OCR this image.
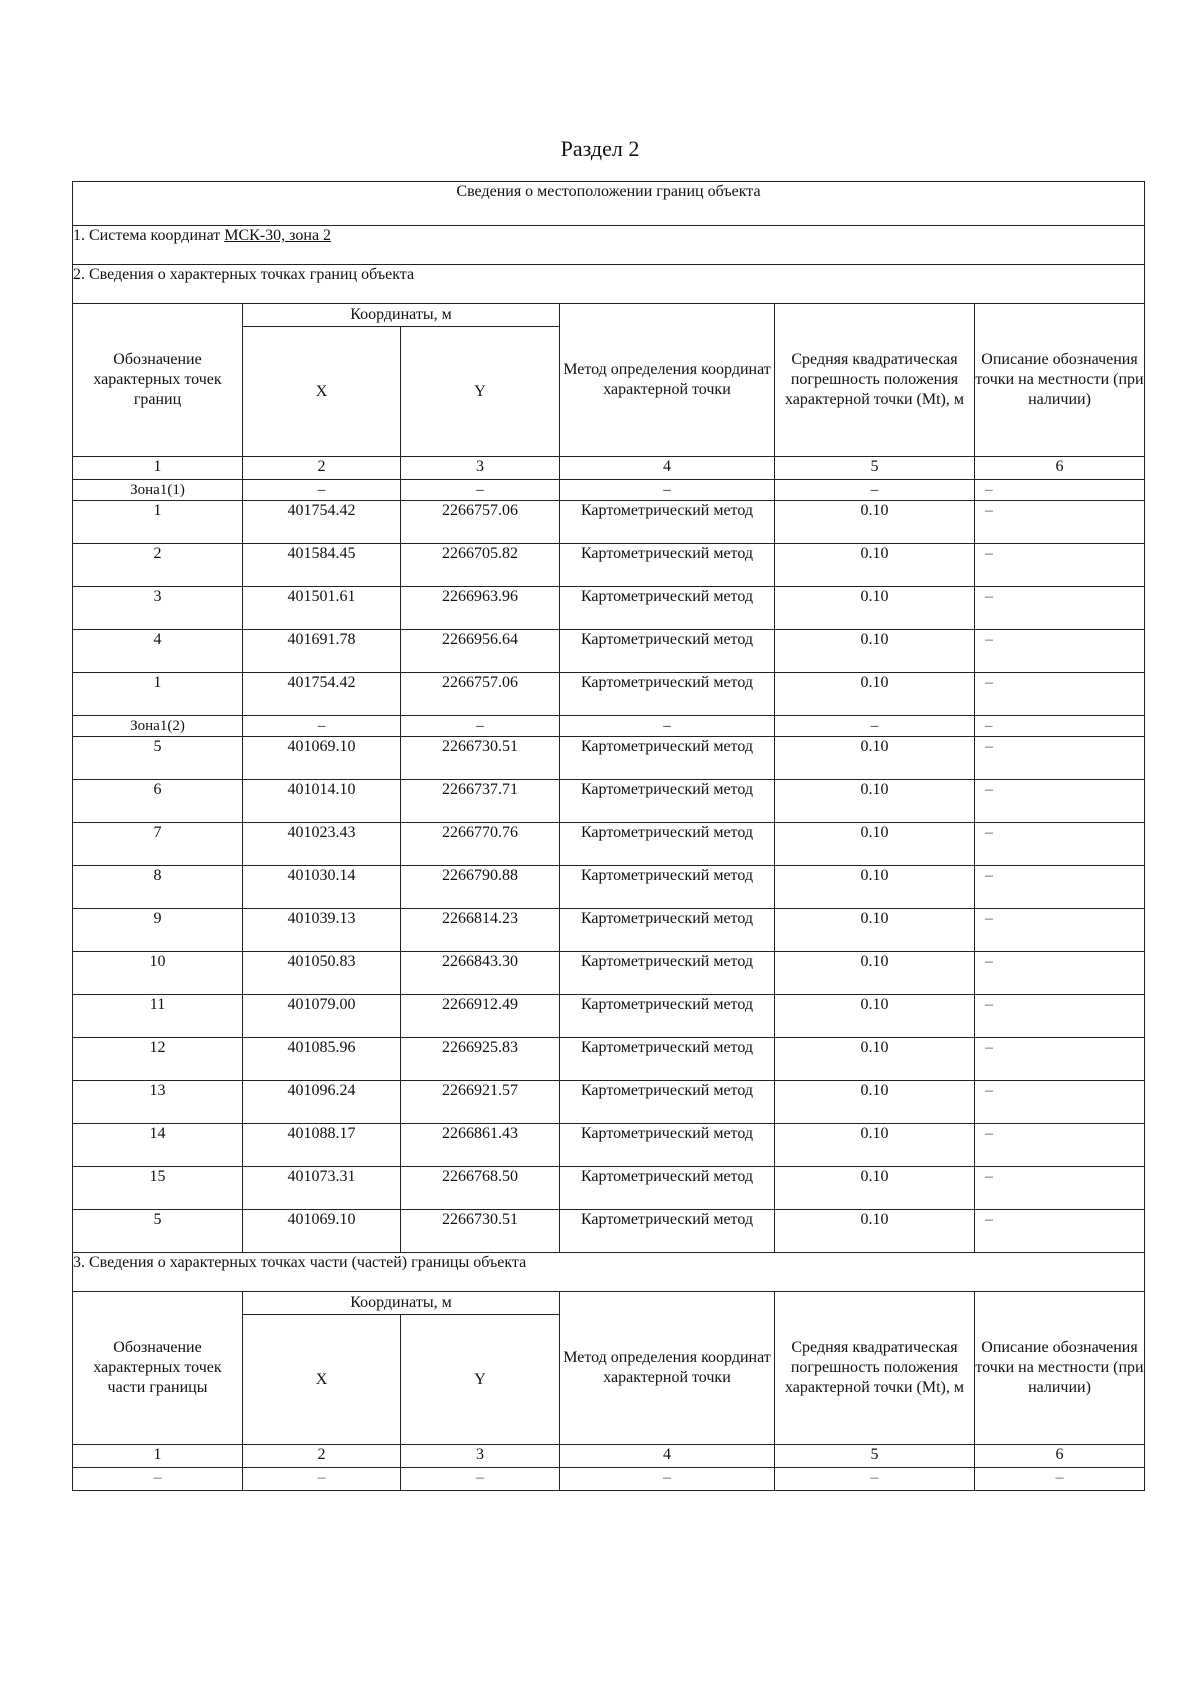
Раздел 2
Сведения о местоположении границ объекта					
1. Система координат МСК-30, зона 2					
2. Сведения о характерных точках границ объекта					
Обозначение характерных точек границ	Координаты, м		Метод определения координат характерной точки	Средняя квадратическая погрешность положения характерной точки (Mt), м	Описание обозначения точки на местности (при наличии)
	X	Y			
1	2	3	4	5	6
Зона1(1)	–	–	–	–	–
1	401754.42	2266757.06	Картометрический метод	0.10	–
2	401584.45	2266705.82	Картометрический метод	0.10	–
3	401501.61	2266963.96	Картометрический метод	0.10	–
4	401691.78	2266956.64	Картометрический метод	0.10	–
1	401754.42	2266757.06	Картометрический метод	0.10	–
Зона1(2)	–	–	–	–	–
5	401069.10	2266730.51	Картометрический метод	0.10	–
6	401014.10	2266737.71	Картометрический метод	0.10	–
7	401023.43	2266770.76	Картометрический метод	0.10	–
8	401030.14	2266790.88	Картометрический метод	0.10	–
9	401039.13	2266814.23	Картометрический метод	0.10	–
10	401050.83	2266843.30	Картометрический метод	0.10	–
11	401079.00	2266912.49	Картометрический метод	0.10	–
12	401085.96	2266925.83	Картометрический метод	0.10	–
13	401096.24	2266921.57	Картометрический метод	0.10	–
14	401088.17	2266861.43	Картометрический метод	0.10	–
15	401073.31	2266768.50	Картометрический метод	0.10	–
5	401069.10	2266730.51	Картометрический метод	0.10	–
3. Сведения о характерных точках части (частей) границы объекта					
Обозначение характерных точек части границы	Координаты, м		Метод определения координат характерной точки	Средняя квадратическая погрешность положения характерной точки (Mt), м	Описание обозначения точки на местности (при наличии)
	X	Y			
1	2	3	4	5	6
–	–	–	–	–	–
